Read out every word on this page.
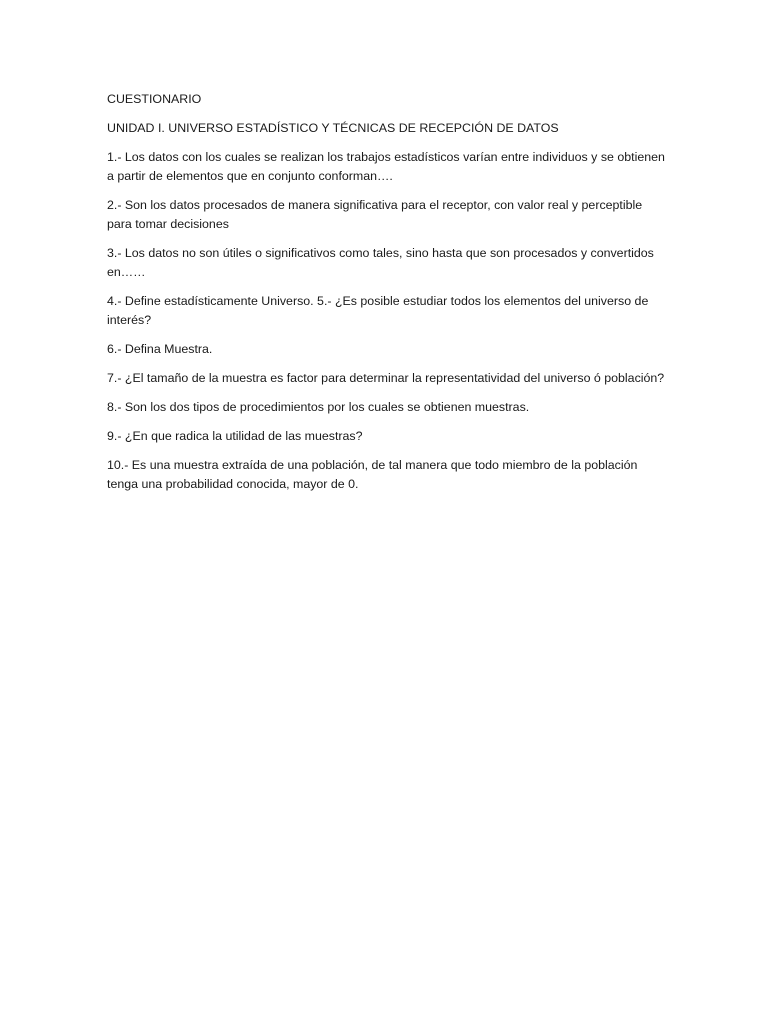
CUESTIONARIO

UNIDAD I. UNIVERSO ESTADÍSTICO Y TÉCNICAS DE RECEPCIÓN DE DATOS

1.- Los datos con los cuales se realizan los trabajos estadísticos varían entre individuos y se obtienen a partir de elementos que en conjunto conforman….

2.- Son los datos procesados de manera significativa para el receptor, con valor real y perceptible para tomar decisiones

3.- Los datos no son útiles o significativos como tales, sino hasta que son procesados y convertidos en……

4.- Define estadísticamente Universo. 5.- ¿Es posible estudiar todos los elementos del universo de interés?

6.- Defina Muestra.

7.- ¿El tamaño de la muestra es factor para determinar la representatividad del universo ó población?

8.- Son los dos tipos de procedimientos por los cuales se obtienen muestras.

9.- ¿En que radica la utilidad de las muestras?

10.- Es una muestra extraída de una población, de tal manera que todo miembro de la población tenga una probabilidad conocida, mayor de 0.
